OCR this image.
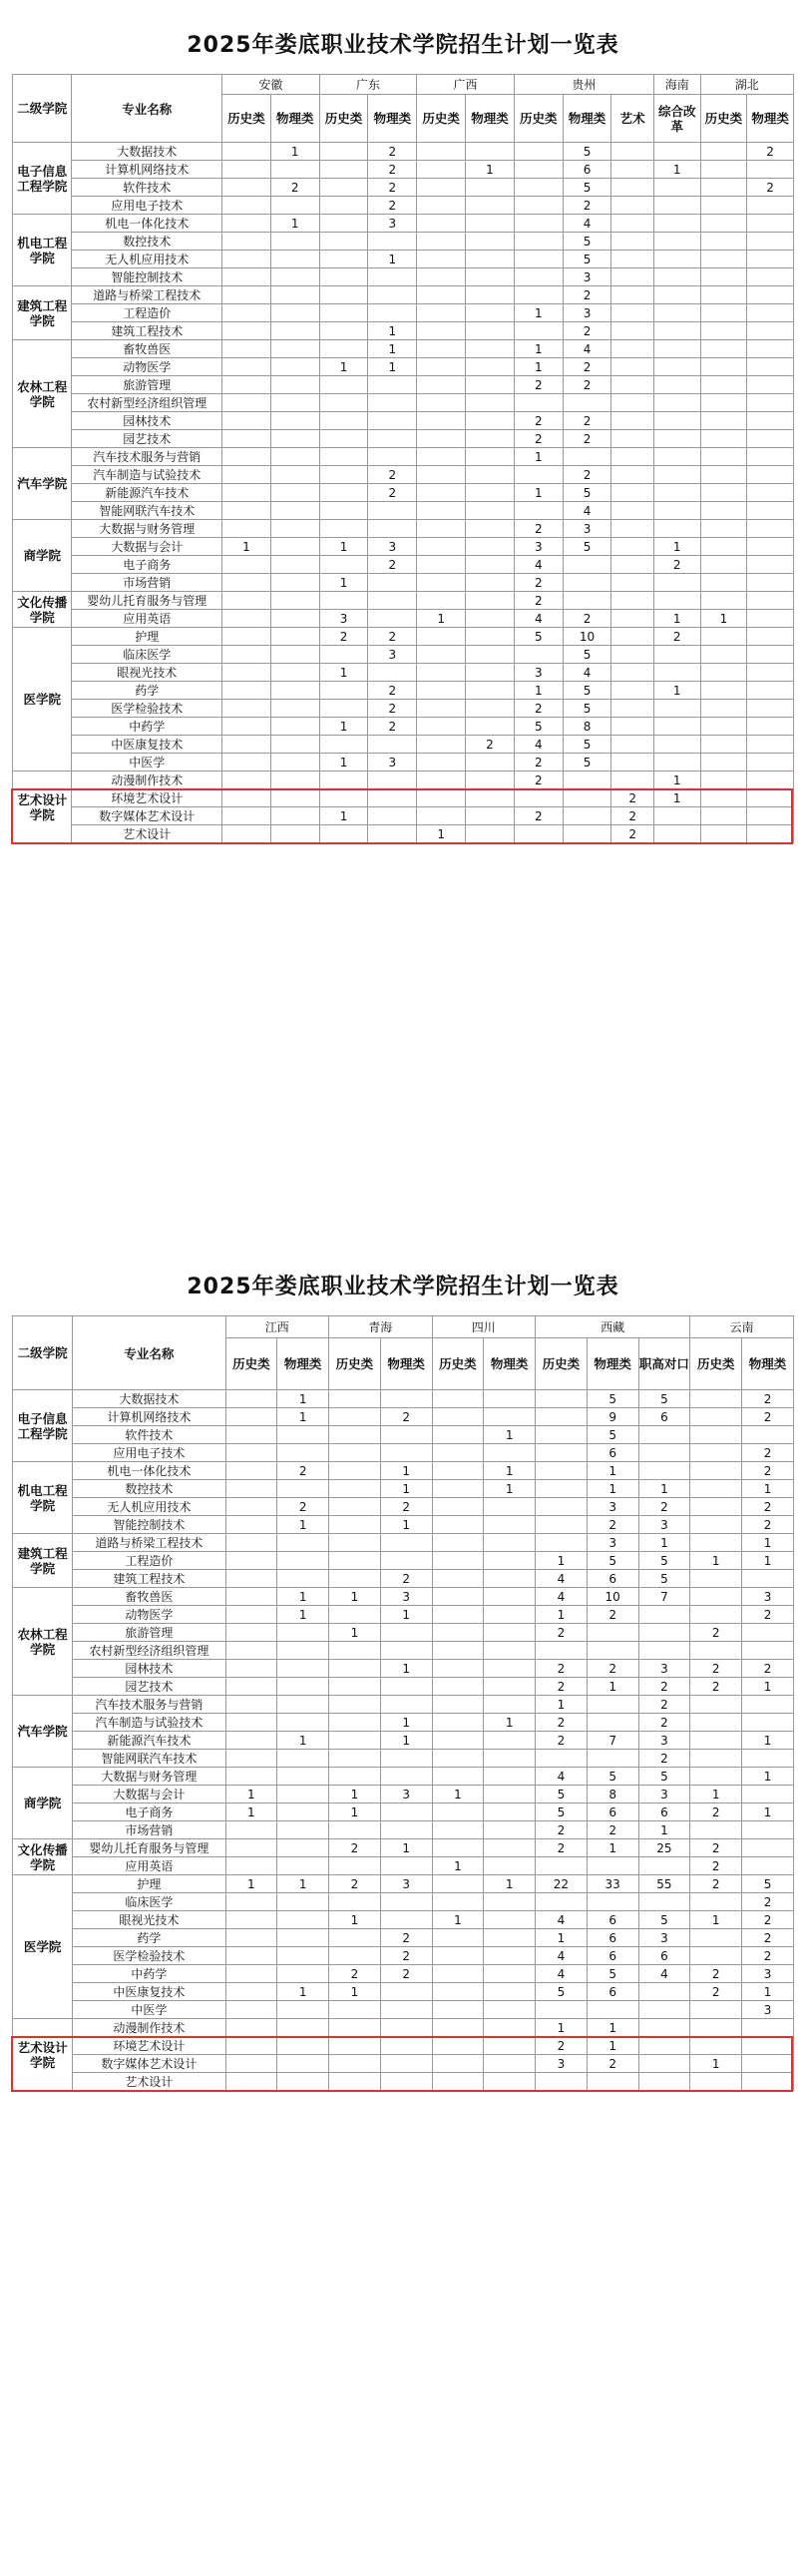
2025年娄底职业技术学院招生计划一览表
二级学院	专业名称	安徽		广东		广西		贵州			海南	湖北	
		历史类	物理类	历史类	物理类	历史类	物理类	历史类	物理类	艺术	综合改革	历史类	物理类
电子信息工程学院	大数据技术		1		2				5				2
	计算机网络技术				2		1		6		1		
	软件技术		2		2				5				2
	应用电子技术				2				2				
机电工程学院	机电一体化技术		1		3				4				
	数控技术								5				
	无人机应用技术				1				5				
	智能控制技术								3				
建筑工程学院	道路与桥梁工程技术								2				
	工程造价							1	3				
	建筑工程技术				1				2				
农林工程学院	畜牧兽医				1			1	4				
	动物医学			1	1			1	2				
	旅游管理							2	2				
	农村新型经济组织管理												
	园林技术							2	2				
	园艺技术							2	2				
汽车学院	汽车技术服务与营销							1					
	汽车制造与试验技术				2				2				
	新能源汽车技术				2			1	5				
	智能网联汽车技术								4				
商学院	大数据与财务管理							2	3				
	大数据与会计	1		1	3			3	5		1		
	电子商务				2			4			2		
	市场营销			1				2					
文化传播学院	婴幼儿托育服务与管理							2					
	应用英语			3		1		4	2		1	1	
医学院	护理			2	2			5	10		2		
	临床医学				3				5				
	眼视光技术			1				3	4				
	药学				2			1	5		1		
	医学检验技术				2			2	5				
	中药学			1	2			5	8				
	中医康复技术						2	4	5				
	中医学			1	3			2	5				
艺术设计学院	动漫制作技术							2			1		
	环境艺术设计									2	1		
	数字媒体艺术设计			1				2		2			
	艺术设计					1				2			
2025年娄底职业技术学院招生计划一览表
二级学院	专业名称	江西		青海		四川		西藏			云南	
		历史类	物理类	历史类	物理类	历史类	物理类	历史类	物理类	职高对口	历史类	物理类
电子信息工程学院	大数据技术		1						5	5		2
	计算机网络技术		1		2				9	6		2
	软件技术						1		5			
	应用电子技术								6			2
机电工程学院	机电一体化技术		2		1		1		1			2
	数控技术				1		1		1	1		1
	无人机应用技术		2		2				3	2		2
	智能控制技术		1		1				2	3		2
建筑工程学院	道路与桥梁工程技术								3	1		1
	工程造价							1	5	5	1	1
	建筑工程技术				2			4	6	5		
农林工程学院	畜牧兽医		1	1	3			4	10	7		3
	动物医学		1		1			1	2			2
	旅游管理			1				2			2	
	农村新型经济组织管理											
	园林技术				1			2	2	3	2	2
	园艺技术							2	1	2	2	1
汽车学院	汽车技术服务与营销							1		2		
	汽车制造与试验技术				1		1	2		2		
	新能源汽车技术		1		1			2	7	3		1
	智能网联汽车技术									2		
商学院	大数据与财务管理							4	5	5		1
	大数据与会计	1		1	3	1		5	8	3	1	
	电子商务	1		1				5	6	6	2	1
	市场营销							2	2	1		
文化传播学院	婴幼儿托育服务与管理			2	1			2	1	25	2	
	应用英语					1					2	
医学院	护理	1	1	2	3		1	22	33	55	2	5
	临床医学											2
	眼视光技术			1		1		4	6	5	1	2
	药学				2			1	6	3		2
	医学检验技术				2			4	6	6		2
	中药学			2	2			4	5	4	2	3
	中医康复技术		1	1				5	6		2	1
	中医学											3
艺术设计学院	动漫制作技术							1	1			
	环境艺术设计							2	1			
	数字媒体艺术设计							3	2		1	
	艺术设计											
